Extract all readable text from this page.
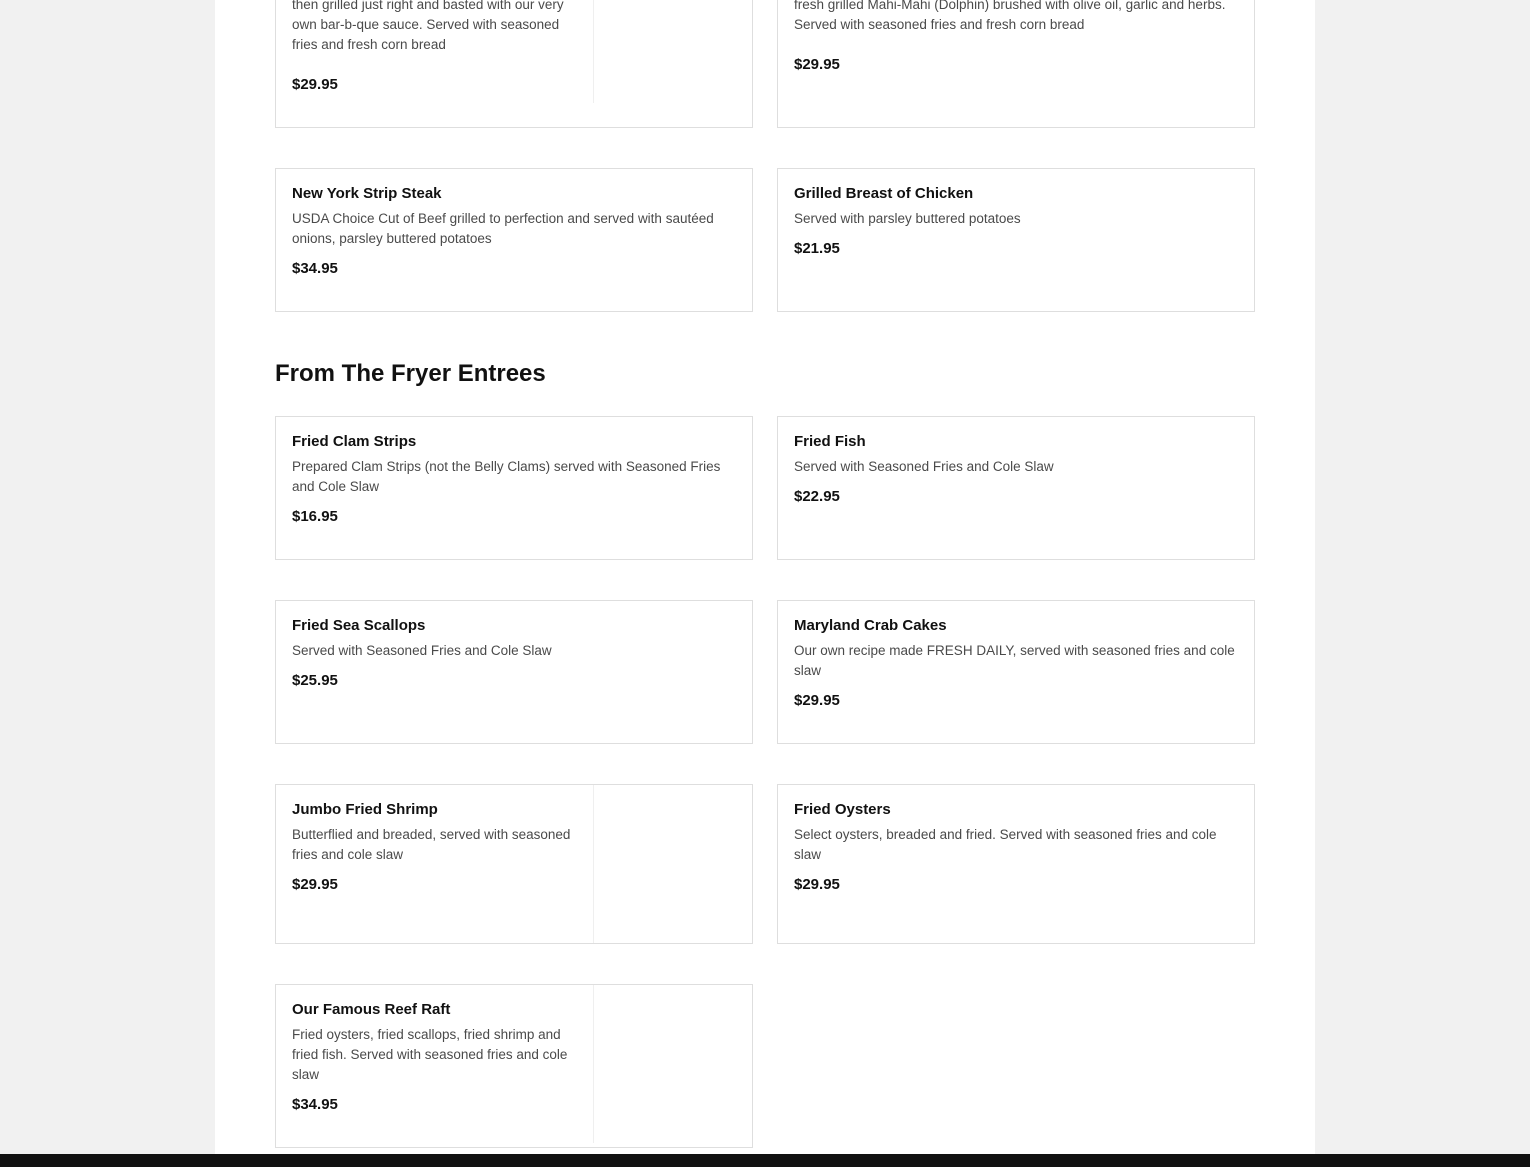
then grilled just right and basted with our very own bar-b-que sauce. Served with seasoned fries and fresh corn bread
$29.95
fresh grilled Mahi-Mahi (Dolphin) brushed with olive oil, garlic and herbs. Served with seasoned fries and fresh corn bread
$29.95
New York Strip Steak
USDA Choice Cut of Beef grilled to perfection and served with sautéed onions, parsley buttered potatoes
$34.95
Grilled Breast of Chicken
Served with parsley buttered potatoes
$21.95
From The Fryer Entrees
Fried Clam Strips
Prepared Clam Strips (not the Belly Clams) served with Seasoned Fries and Cole Slaw
$16.95
Fried Fish
Served with Seasoned Fries and Cole Slaw
$22.95
Fried Sea Scallops
Served with Seasoned Fries and Cole Slaw
$25.95
Maryland Crab Cakes
Our own recipe made FRESH DAILY, served with seasoned fries and cole slaw
$29.95
Jumbo Fried Shrimp
Butterflied and breaded, served with seasoned fries and cole slaw
$29.95
Fried Oysters
Select oysters, breaded and fried. Served with seasoned fries and cole slaw
$29.95
Our Famous Reef Raft
Fried oysters, fried scallops, fried shrimp and fried fish. Served with seasoned fries and cole slaw
$34.95
